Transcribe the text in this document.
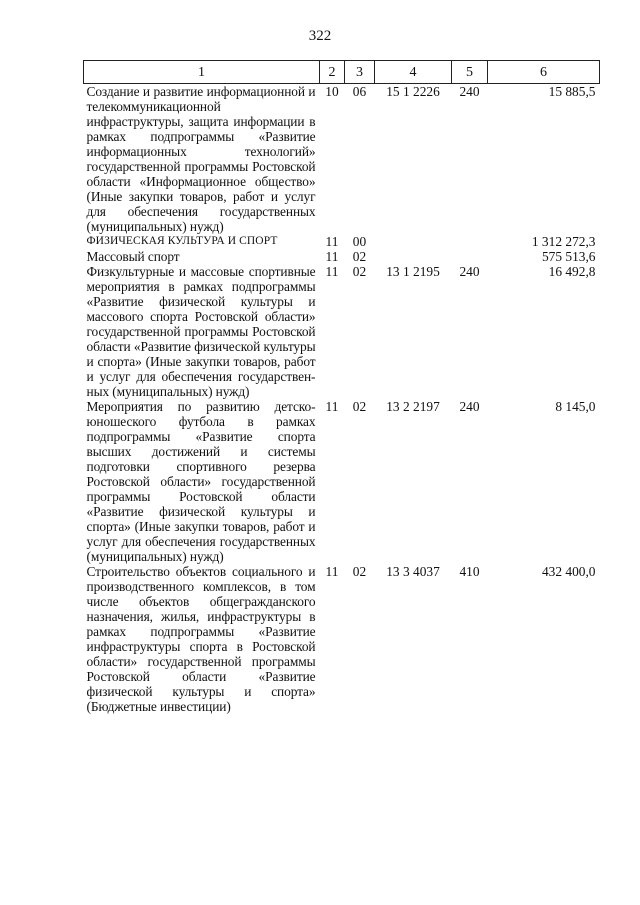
322
1	2	3	4	5	6
Создание и развитие информационной и телекоммуникационной инфраструктуры, защита информации в рамках подпрограммы «Развитие информационных технологий» государственной программы Ростовской области «Информационное общество» (Иные закупки товаров, работ и услуг для обеспечения государственных (муниципальных) нужд)	10	06	15 1 2226	240	15 885,5
ФИЗИЧЕСКАЯ КУЛЬТУРА И СПОРТ	11	00			1 312 272,3
Массовый спорт	11	02			575 513,6
Физкультурные и массовые спортивные мероприятия в рамках подпрограммы «Развитие физической культуры и массового спорта Ростовской области» государственной программы Ростовской области «Развитие физической культуры и спорта» (Иные закупки товаров, работ и услуг для обеспечения государственных (муниципальных) нужд)	11	02	13 1 2195	240	16 492,8
Мероприятия по развитию детско-юношеского футбола в рамках подпрограммы «Развитие спорта высших достижений и системы подготовки спортивного резерва Ростовской области» государственной программы Ростовской области «Развитие физической культуры и спорта» (Иные закупки товаров, работ и услуг для обеспечения государственных (муниципальных) нужд)	11	02	13 2 2197	240	8 145,0
Строительство объектов социального и производственного комплексов, в том числе объектов общегражданского назначения, жилья, инфраструктуры в рамках подпрограммы «Развитие инфраструктуры спорта в Ростовской области» государственной программы Ростовской области «Развитие физической культуры и спорта» (Бюджетные инвестиции)	11	02	13 3 4037	410	432 400,0
